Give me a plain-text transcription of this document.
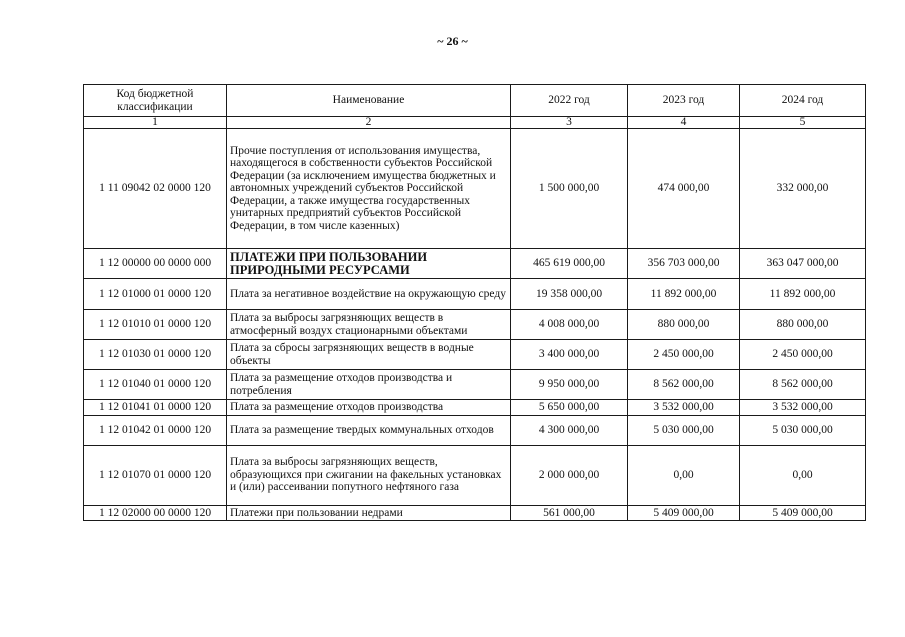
~ 26 ~
Код бюджетной классификации	Наименование	2022 год	2023 год	2024 год
1	2	3	4	5
1 11 09042 02 0000 120	Прочие поступления от использования имущества, находящегося в собственности субъектов Российской Федерации (за исключением имущества бюджетных и автономных учреждений субъектов Российской Федерации, а также имущества государственных унитарных предприятий субъектов Российской Федерации, в том числе казенных)	1 500 000,00	474 000,00	332 000,00
1 12 00000 00 0000 000	ПЛАТЕЖИ ПРИ ПОЛЬЗОВАНИИ ПРИРОДНЫМИ РЕСУРСАМИ	465 619 000,00	356 703 000,00	363 047 000,00
1 12 01000 01 0000 120	Плата за негативное воздействие на окружающую среду	19 358 000,00	11 892 000,00	11 892 000,00
1 12 01010 01 0000 120	Плата за выбросы загрязняющих веществ в атмосферный воздух стационарными объектами	4 008 000,00	880 000,00	880 000,00
1 12 01030 01 0000 120	Плата за сбросы загрязняющих веществ в водные объекты	3 400 000,00	2 450 000,00	2 450 000,00
1 12 01040 01 0000 120	Плата за размещение отходов производства и потребления	9 950 000,00	8 562 000,00	8 562 000,00
1 12 01041 01 0000 120	Плата за размещение отходов производства	5 650 000,00	3 532 000,00	3 532 000,00
1 12 01042 01 0000 120	Плата за размещение твердых коммунальных отходов	4 300 000,00	5 030 000,00	5 030 000,00
1 12 01070 01 0000 120	Плата за выбросы загрязняющих веществ, образующихся при сжигании на факельных установках и (или) рассеивании попутного нефтяного газа	2 000 000,00	0,00	0,00
1 12 02000 00 0000 120	Платежи при пользовании недрами	561 000,00	5 409 000,00	5 409 000,00
